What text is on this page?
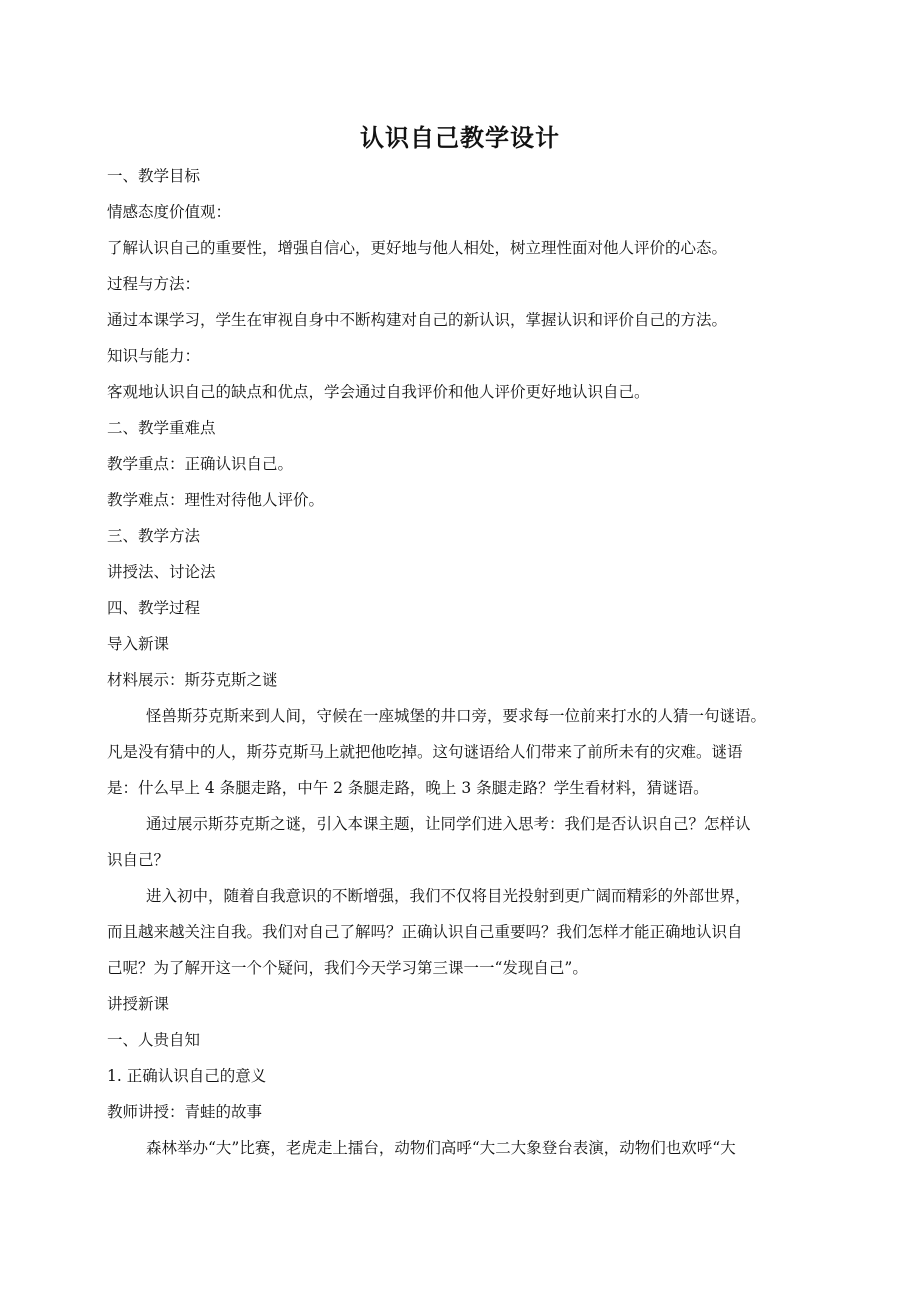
认识自己教学设计

一、教学目标

情感态度价值观：

了解认识自己的重要性，增强自信心，更好地与他人相处，树立理性面对他人评价的心态。

过程与方法：

通过本课学习，学生在审视自身中不断构建对自己的新认识，掌握认识和评价自己的方法。

知识与能力：

客观地认识自己的缺点和优点，学会通过自我评价和他人评价更好地认识自己。

二、教学重难点

教学重点：正确认识自己。

教学难点：理性对待他人评价。

三、教学方法

讲授法、讨论法

四、教学过程

导入新课

材料展示：斯芬克斯之谜

怪兽斯芬克斯来到人间，守候在一座城堡的井口旁，要求每一位前来打水的人猜一句谜语。

凡是没有猜中的人，斯芬克斯马上就把他吃掉。这句谜语给人们带来了前所未有的灾难。谜语

是：什么早上 4 条腿走路，中午 2 条腿走路，晚上 3 条腿走路？学生看材料，猜谜语。

通过展示斯芬克斯之谜，引入本课主题，让同学们进入思考：我们是否认识自己？怎样认

识自己？

进入初中，随着自我意识的不断增强，我们不仅将目光投射到更广阔而精彩的外部世界，

而且越来越关注自我。我们对自己了解吗？正确认识自己重要吗？我们怎样才能正确地认识自

己呢？为了解开这一个个疑问，我们今天学习第三课一一“发现自己”。

讲授新课

一、人贵自知

1. 正确认识自己的意义

教师讲授：青蛙的故事

森林举办“大”比赛，老虎走上擂台，动物们高呼“大二大象登台表演，动物们也欢呼“大
